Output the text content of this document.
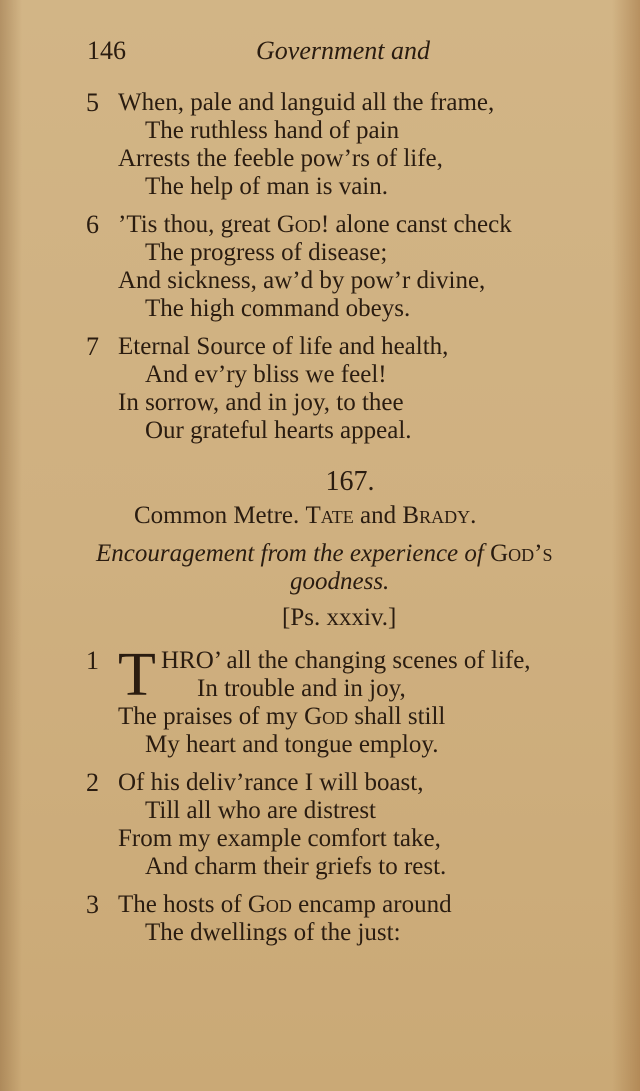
146	Government and
5 When, pale and languid all the frame,
The ruthless hand of pain
Arrests the feeble pow’rs of life,
The help of man is vain.
6 ’Tis thou, great God! alone canst check
The progress of disease;
And sickness, aw’d by pow’r divine,
The high command obeys.
7 Eternal Source of life and health,
And ev’ry bliss we feel!
In sorrow, and in joy, to thee
Our grateful hearts appeal.
167.
Common Metre. Tate and Brady.
Encouragement from the experience of God’s
goodness.
[Ps. xxxiv.]
1 T HRO’ all the changing scenes of life,
In trouble and in joy,
The praises of my God shall still
My heart and tongue employ.
2 Of his deliv’rance I will boast,
Till all who are distrest
From my example comfort take,
And charm their griefs to rest.
3 The hosts of God encamp around
The dwellings of the just:
